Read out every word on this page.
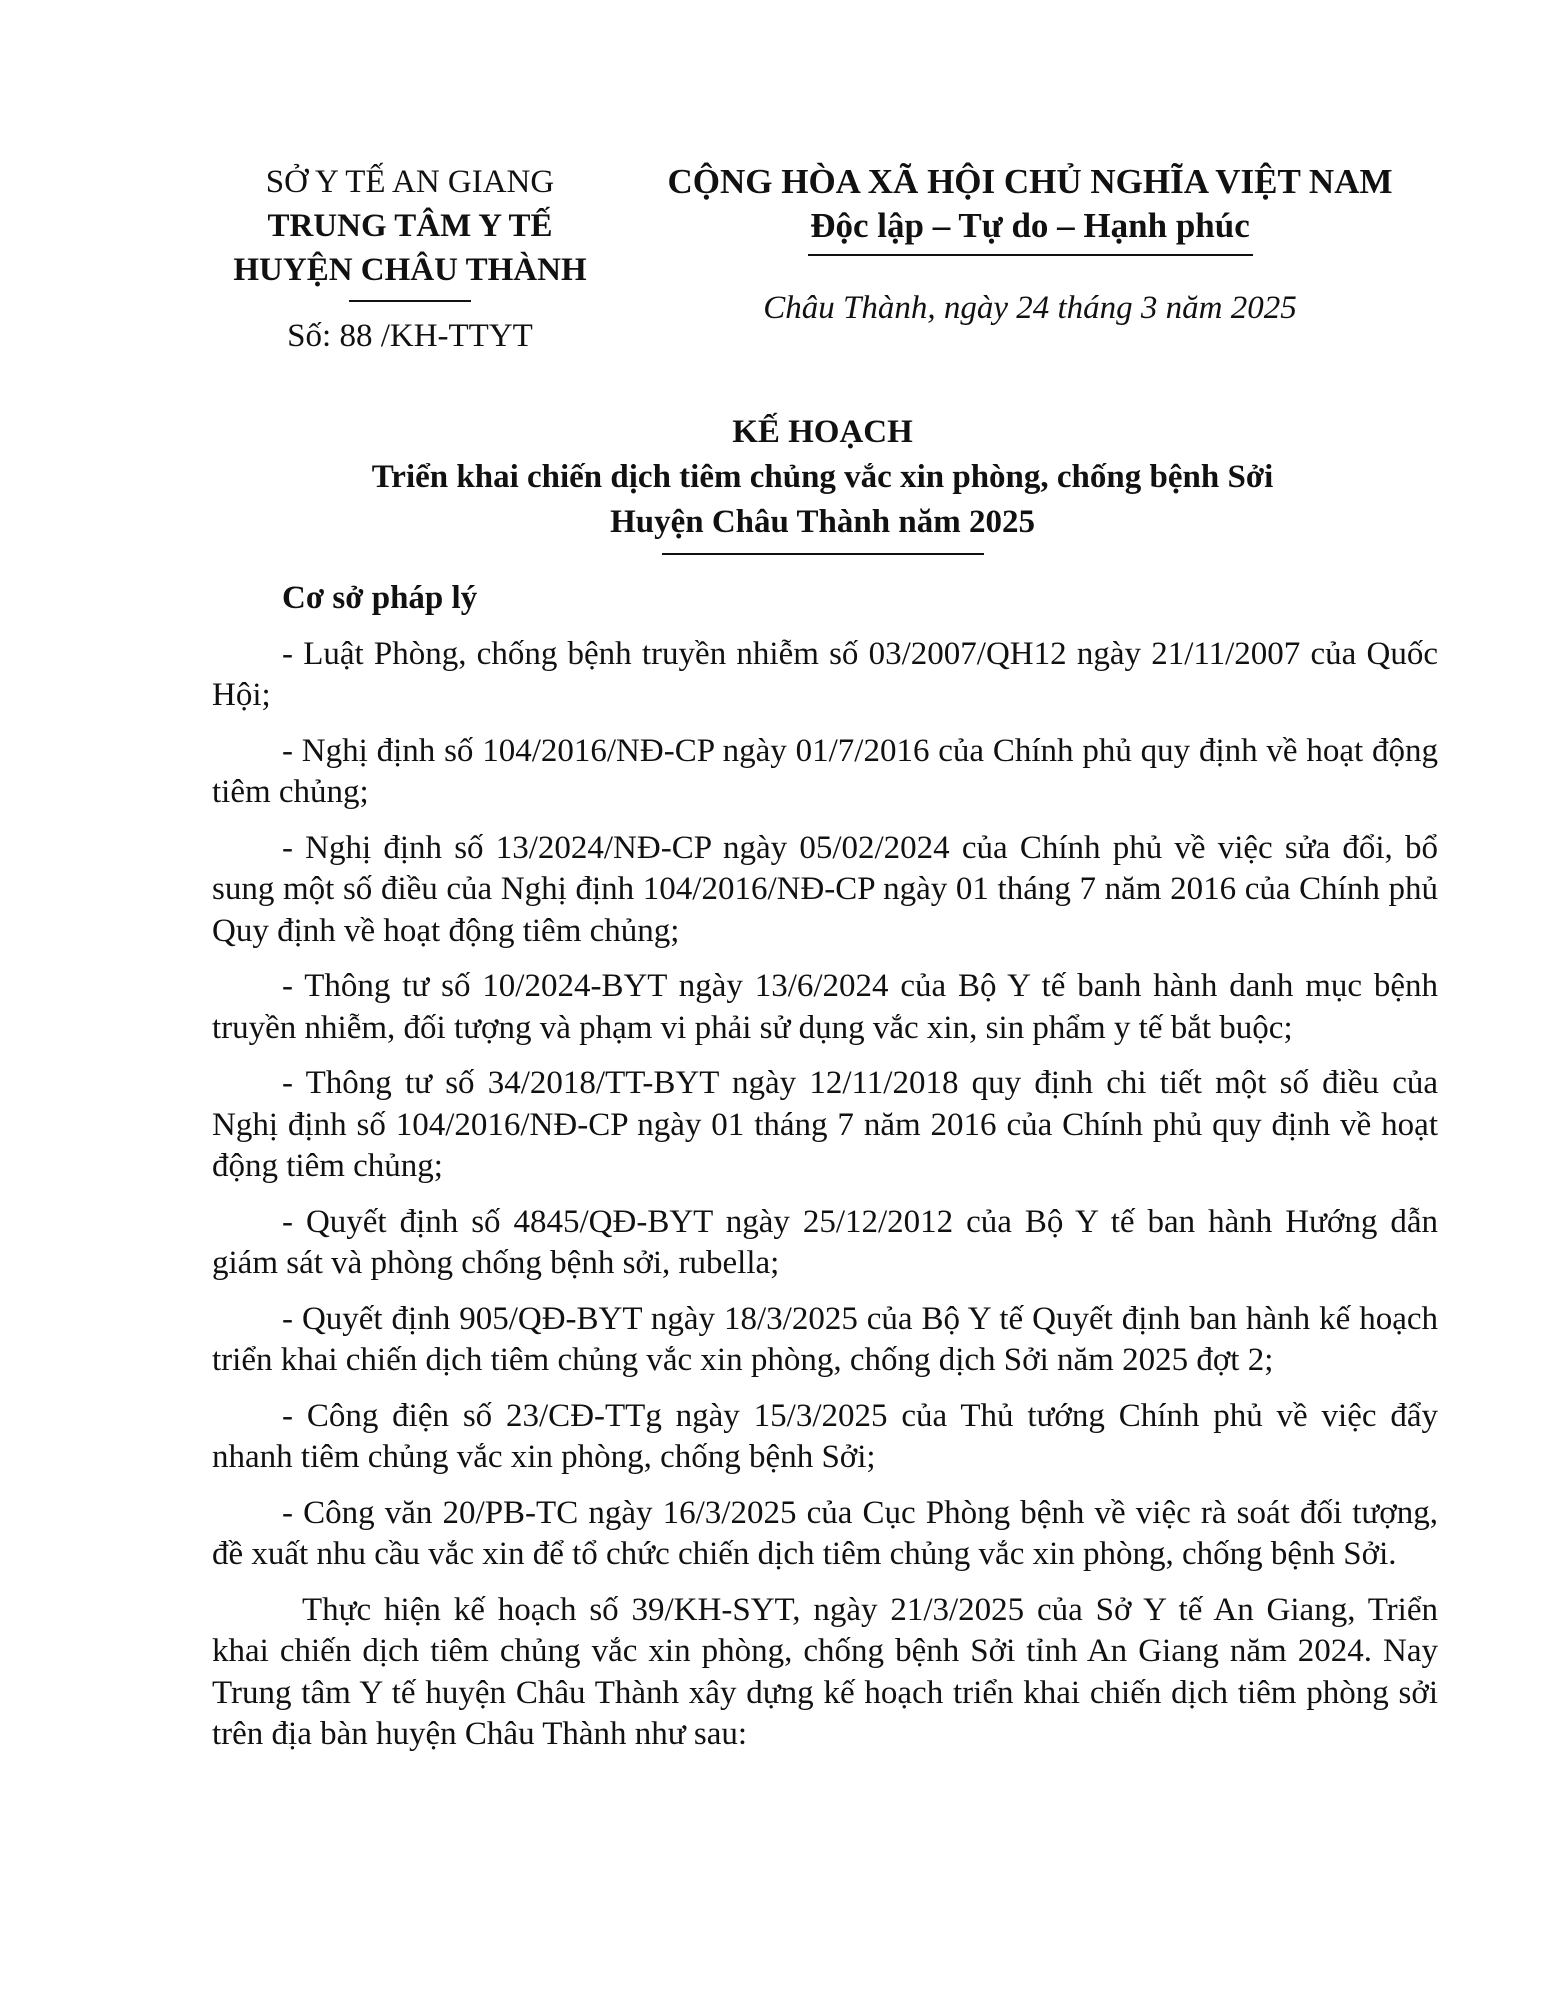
SỞ Y TẾ AN GIANG
TRUNG TÂM Y TẾ
HUYỆN CHÂU THÀNH
Số: 88 /KH-TTYT
CỘNG HÒA XÃ HỘI CHỦ NGHĨA VIỆT NAM
Độc lập – Tự do – Hạnh phúc
Châu Thành, ngày 24 tháng 3 năm 2025
KẾ HOẠCH
Triển khai chiến dịch tiêm chủng vắc xin phòng, chống bệnh Sởi
Huyện Châu Thành năm 2025
Cơ sở pháp lý

- Luật Phòng, chống bệnh truyền nhiễm số 03/2007/QH12 ngày 21/11/2007 của Quốc Hội;

- Nghị định số 104/2016/NĐ-CP ngày 01/7/2016 của Chính phủ quy định về hoạt động tiêm chủng;

- Nghị định số 13/2024/NĐ-CP ngày 05/02/2024 của Chính phủ về việc sửa đổi, bổ sung một số điều của Nghị định 104/2016/NĐ-CP ngày 01 tháng 7 năm 2016 của Chính phủ Quy định về hoạt động tiêm chủng;

- Thông tư số 10/2024-BYT ngày 13/6/2024 của Bộ Y tế banh hành danh mục bệnh truyền nhiễm, đối tượng và phạm vi phải sử dụng vắc xin, sin phẩm y tế bắt buộc;

- Thông tư số 34/2018/TT-BYT ngày 12/11/2018 quy định chi tiết một số điều của Nghị định số 104/2016/NĐ-CP ngày 01 tháng 7 năm 2016 của Chính phủ quy định về hoạt động tiêm chủng;

- Quyết định số 4845/QĐ-BYT ngày 25/12/2012 của Bộ Y tế ban hành Hướng dẫn giám sát và phòng chống bệnh sởi, rubella;

- Quyết định 905/QĐ-BYT ngày 18/3/2025 của Bộ Y tế Quyết định ban hành kế hoạch triển khai chiến dịch tiêm chủng vắc xin phòng, chống dịch Sởi năm 2025 đợt 2;

- Công điện số 23/CĐ-TTg ngày 15/3/2025 của Thủ tướng Chính phủ về việc đẩy nhanh tiêm chủng vắc xin phòng, chống bệnh Sởi;

- Công văn 20/PB-TC ngày 16/3/2025 của Cục Phòng bệnh về việc rà soát đối tượng, đề xuất nhu cầu vắc xin để tổ chức chiến dịch tiêm chủng vắc xin phòng, chống bệnh Sởi.

Thực hiện kế hoạch số 39/KH-SYT, ngày 21/3/2025 của Sở Y tế An Giang, Triển khai chiến dịch tiêm chủng vắc xin phòng, chống bệnh Sởi tỉnh An Giang năm 2024. Nay Trung tâm Y tế huyện Châu Thành xây dựng kế hoạch triển khai chiến dịch tiêm phòng sởi trên địa bàn huyện Châu Thành như sau:
